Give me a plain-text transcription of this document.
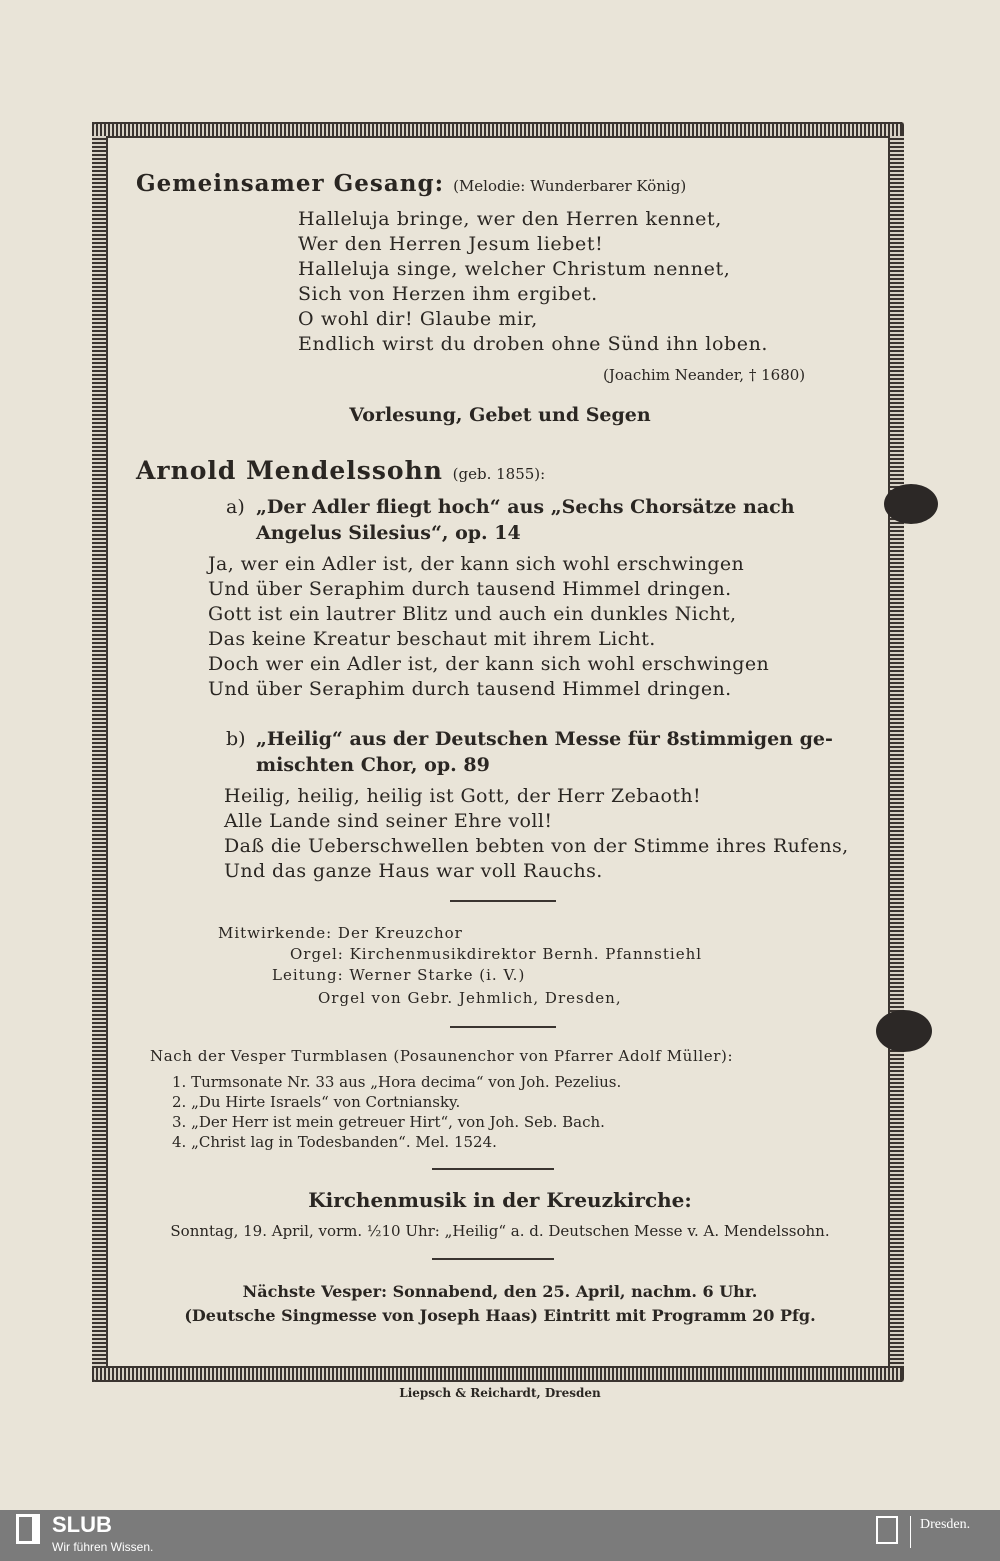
Gemeinsamer Gesang: (Melodie: Wunderbarer König)
Halleluja bringe, wer den Herren kennet,
Wer den Herren Jesum liebet!
Halleluja singe, welcher Christum nennet,
Sich von Herzen ihm ergibet.
O wohl dir! Glaube mir,
Endlich wirst du droben ohne Sünd ihn loben.
(Joachim Neander, † 1680)
Vorlesung, Gebet und Segen
Arnold Mendelssohn (geb. 1855):
a) „Der Adler fliegt hoch“ aus „Sechs Chorsätze nach
Angelus Silesius“, op. 14
Ja, wer ein Adler ist, der kann sich wohl erschwingen
Und über Seraphim durch tausend Himmel dringen.
Gott ist ein lautrer Blitz und auch ein dunkles Nicht,
Das keine Kreatur beschaut mit ihrem Licht.
Doch wer ein Adler ist, der kann sich wohl erschwingen
Und über Seraphim durch tausend Himmel dringen.
b) „Heilig“ aus der Deutschen Messe für 8stimmigen ge-
mischten Chor, op. 89
Heilig, heilig, heilig ist Gott, der Herr Zebaoth!
Alle Lande sind seiner Ehre voll!
Daß die Ueberschwellen bebten von der Stimme ihres Rufens,
Und das ganze Haus war voll Rauchs.
Mitwirkende: Der Kreuzchor
Orgel: Kirchenmusikdirektor Bernh. Pfannstiehl
Leitung: Werner Starke (i. V.)
Orgel von Gebr. Jehmlich, Dresden,
Nach der Vesper Turmblasen (Posaunenchor von Pfarrer Adolf Müller):
1. Turmsonate Nr. 33 aus „Hora decima“ von Joh. Pezelius.
2. „Du Hirte Israels“ von Cortniansky.
3. „Der Herr ist mein getreuer Hirt“, von Joh. Seb. Bach.
4. „Christ lag in Todesbanden“. Mel. 1524.
Kirchenmusik in der Kreuzkirche:
Sonntag, 19. April, vorm. ½10 Uhr: „Heilig“ a. d. Deutschen Messe v. A. Mendelssohn.
Nächste Vesper: Sonnabend, den 25. April, nachm. 6 Uhr.
(Deutsche Singmesse von Joseph Haas) Eintritt mit Programm 20 Pfg.
Liepsch & Reichardt, Dresden
SLUB
Wir führen Wissen.
Dresden.
